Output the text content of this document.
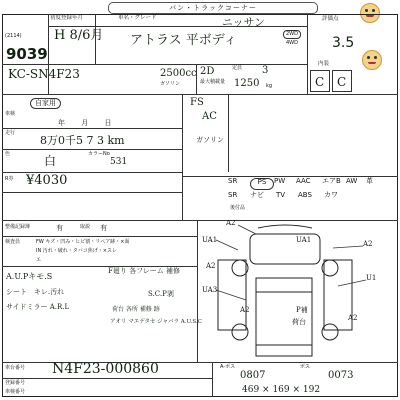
バン・トラックコーナー
(2114)
9039
初度登録年月
H 8/6月
車名・グレード	ニッサン
アトラス 平ボディ	2WD
4WD
評価点
3.5
KC-SN4F23	2500cc
ガソリン
2D	定員 3
最大積載量 1250 kg
内装
C C
自家用
車検
年 月 日
走行
8万0千5 7 3 km
色	白	カラーNo
531
FS
AC
ガソリン
R券 ¥4030	SR	PS	PW	AAC	エアB AW	革
SR	ナビ	TV	ABS	カワ
後付品
整備記録簿	有	取説 有
検査員	FW キズ・凹み・ヒビ割・リペア跡・×面
IN 汚れ・破れ・タバコ焦げ・×スレ
エ
A.U.Pキモ.S
シート　キレ.汚れ
サイドミラー A.R.L
F廻り 各フレーム 補修
S.C.P剥
荷台 各所 補修 跡
アオリ マエデタセ ジャバラ A.U.S.C
A2
UA1	UA1
UA3
A2
A2
U1
P補
荷台
A2
A2
車台番号 N4F23-000860
登録番号
車検番号
A-ポス
0807
ポス
0073
469 × 169 × 192
